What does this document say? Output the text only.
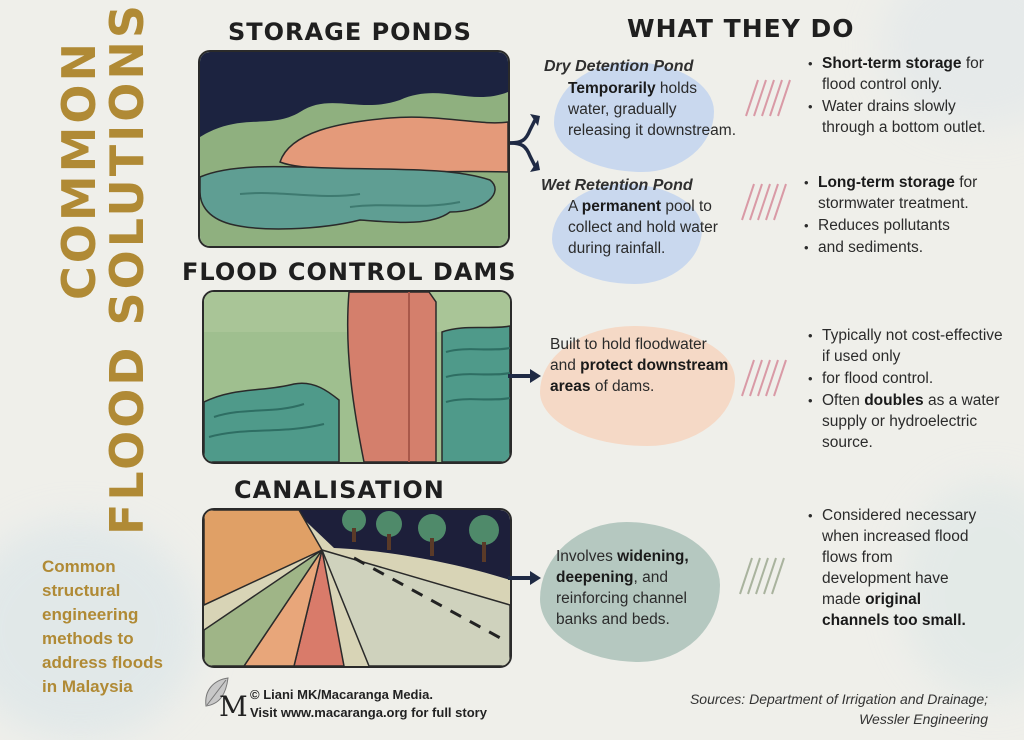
COMMON
FLOOD SOLUTIONS
Common structural engineering methods to address floods in Malaysia
STORAGE PONDS	WHAT THEY DO
FLOOD CONTROL DAMS
CANALISATION
Dry Detention Pond
Temporarily holds water, gradually releasing it downstream.
Wet Retention Pond
A permanent pool to collect and hold water during rainfall.
Built to hold floodwater and protect downstream areas of dams.
Involves widening, deepening, and reinforcing channel banks and beds.
• Short-term storage for flood control only.
• Water drains slowly through a bottom outlet.
• Long-term storage for stormwater treatment.
• Reduces pollutants
• and sediments.
• Typically not cost-effective if used only
• for flood control.
• Often doubles as a water supply or hydroelectric source.
• Considered necessary when increased flood flows from development have made original channels too small.
M © Liani MK/Macaranga Media.
Visit www.macaranga.org for full story
Sources: Department of Irrigation and Drainage;
Wessler Engineering
